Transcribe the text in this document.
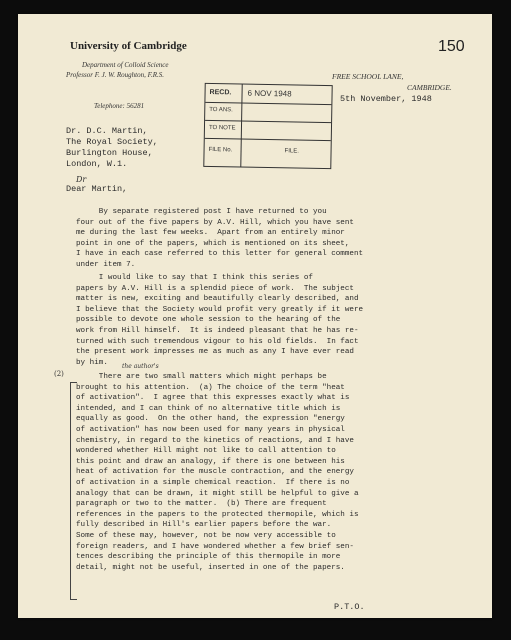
University of Cambridge
Department of Colloid Science
Professor F. J. W. Roughton, F.R.S.
Telephone: 56281
FREE SCHOOL LANE,
CAMBRIDGE.
150
5th November, 1948
RECD. 6 NOV 1948
TO ANS.
TO NOTE
FILE No.	FILE.
Dr. D.C. Martin,
The Royal Society,
Burlington House,
London, W.1.
Dr
Dear Martin,
By separate registered post I have returned to you
four out of the five papers by A.V. Hill, which you have sent
me during the last few weeks.  Apart from an entirely minor
point in one of the papers, which is mentioned on its sheet,
I have in each case referred to this letter for general comment
under item 7.
I would like to say that I think this series of
papers by A.V. Hill is a splendid piece of work.  The subject
matter is new, exciting and beautifully clearly described, and
I believe that the Society would profit very greatly if it were
possible to devote one whole session to the hearing of the
work from Hill himself.  It is indeed pleasant that he has re-
turned with such tremendous vigour to his old fields.  In fact
the present work impresses me as much as any I have ever read
by him.
(2)
the author's
There are two small matters which might perhaps be
brought to his attention.  (a) The choice of the term "heat
of activation".  I agree that this expresses exactly what is
intended, and I can think of no alternative title which is
equally as good.  On the other hand, the expression "energy
of activation" has now been used for many years in physical
chemistry, in regard to the kinetics of reactions, and I have
wondered whether Hill might not like to call attention to
this point and draw an analogy, if there is one between his
heat of activation for the muscle contraction, and the energy
of activation in a simple chemical reaction.  If there is no
analogy that can be drawn, it might still be helpful to give a
paragraph or two to the matter.  (b) There are frequent
references in the papers to the protected thermopile, which is
fully described in Hill's earlier papers before the war.
Some of these may, however, not be now very accessible to
foreign readers, and I have wondered whether a few brief sen-
tences describing the principle of this thermopile in more
detail, might not be useful, inserted in one of the papers.
P.T.O.
